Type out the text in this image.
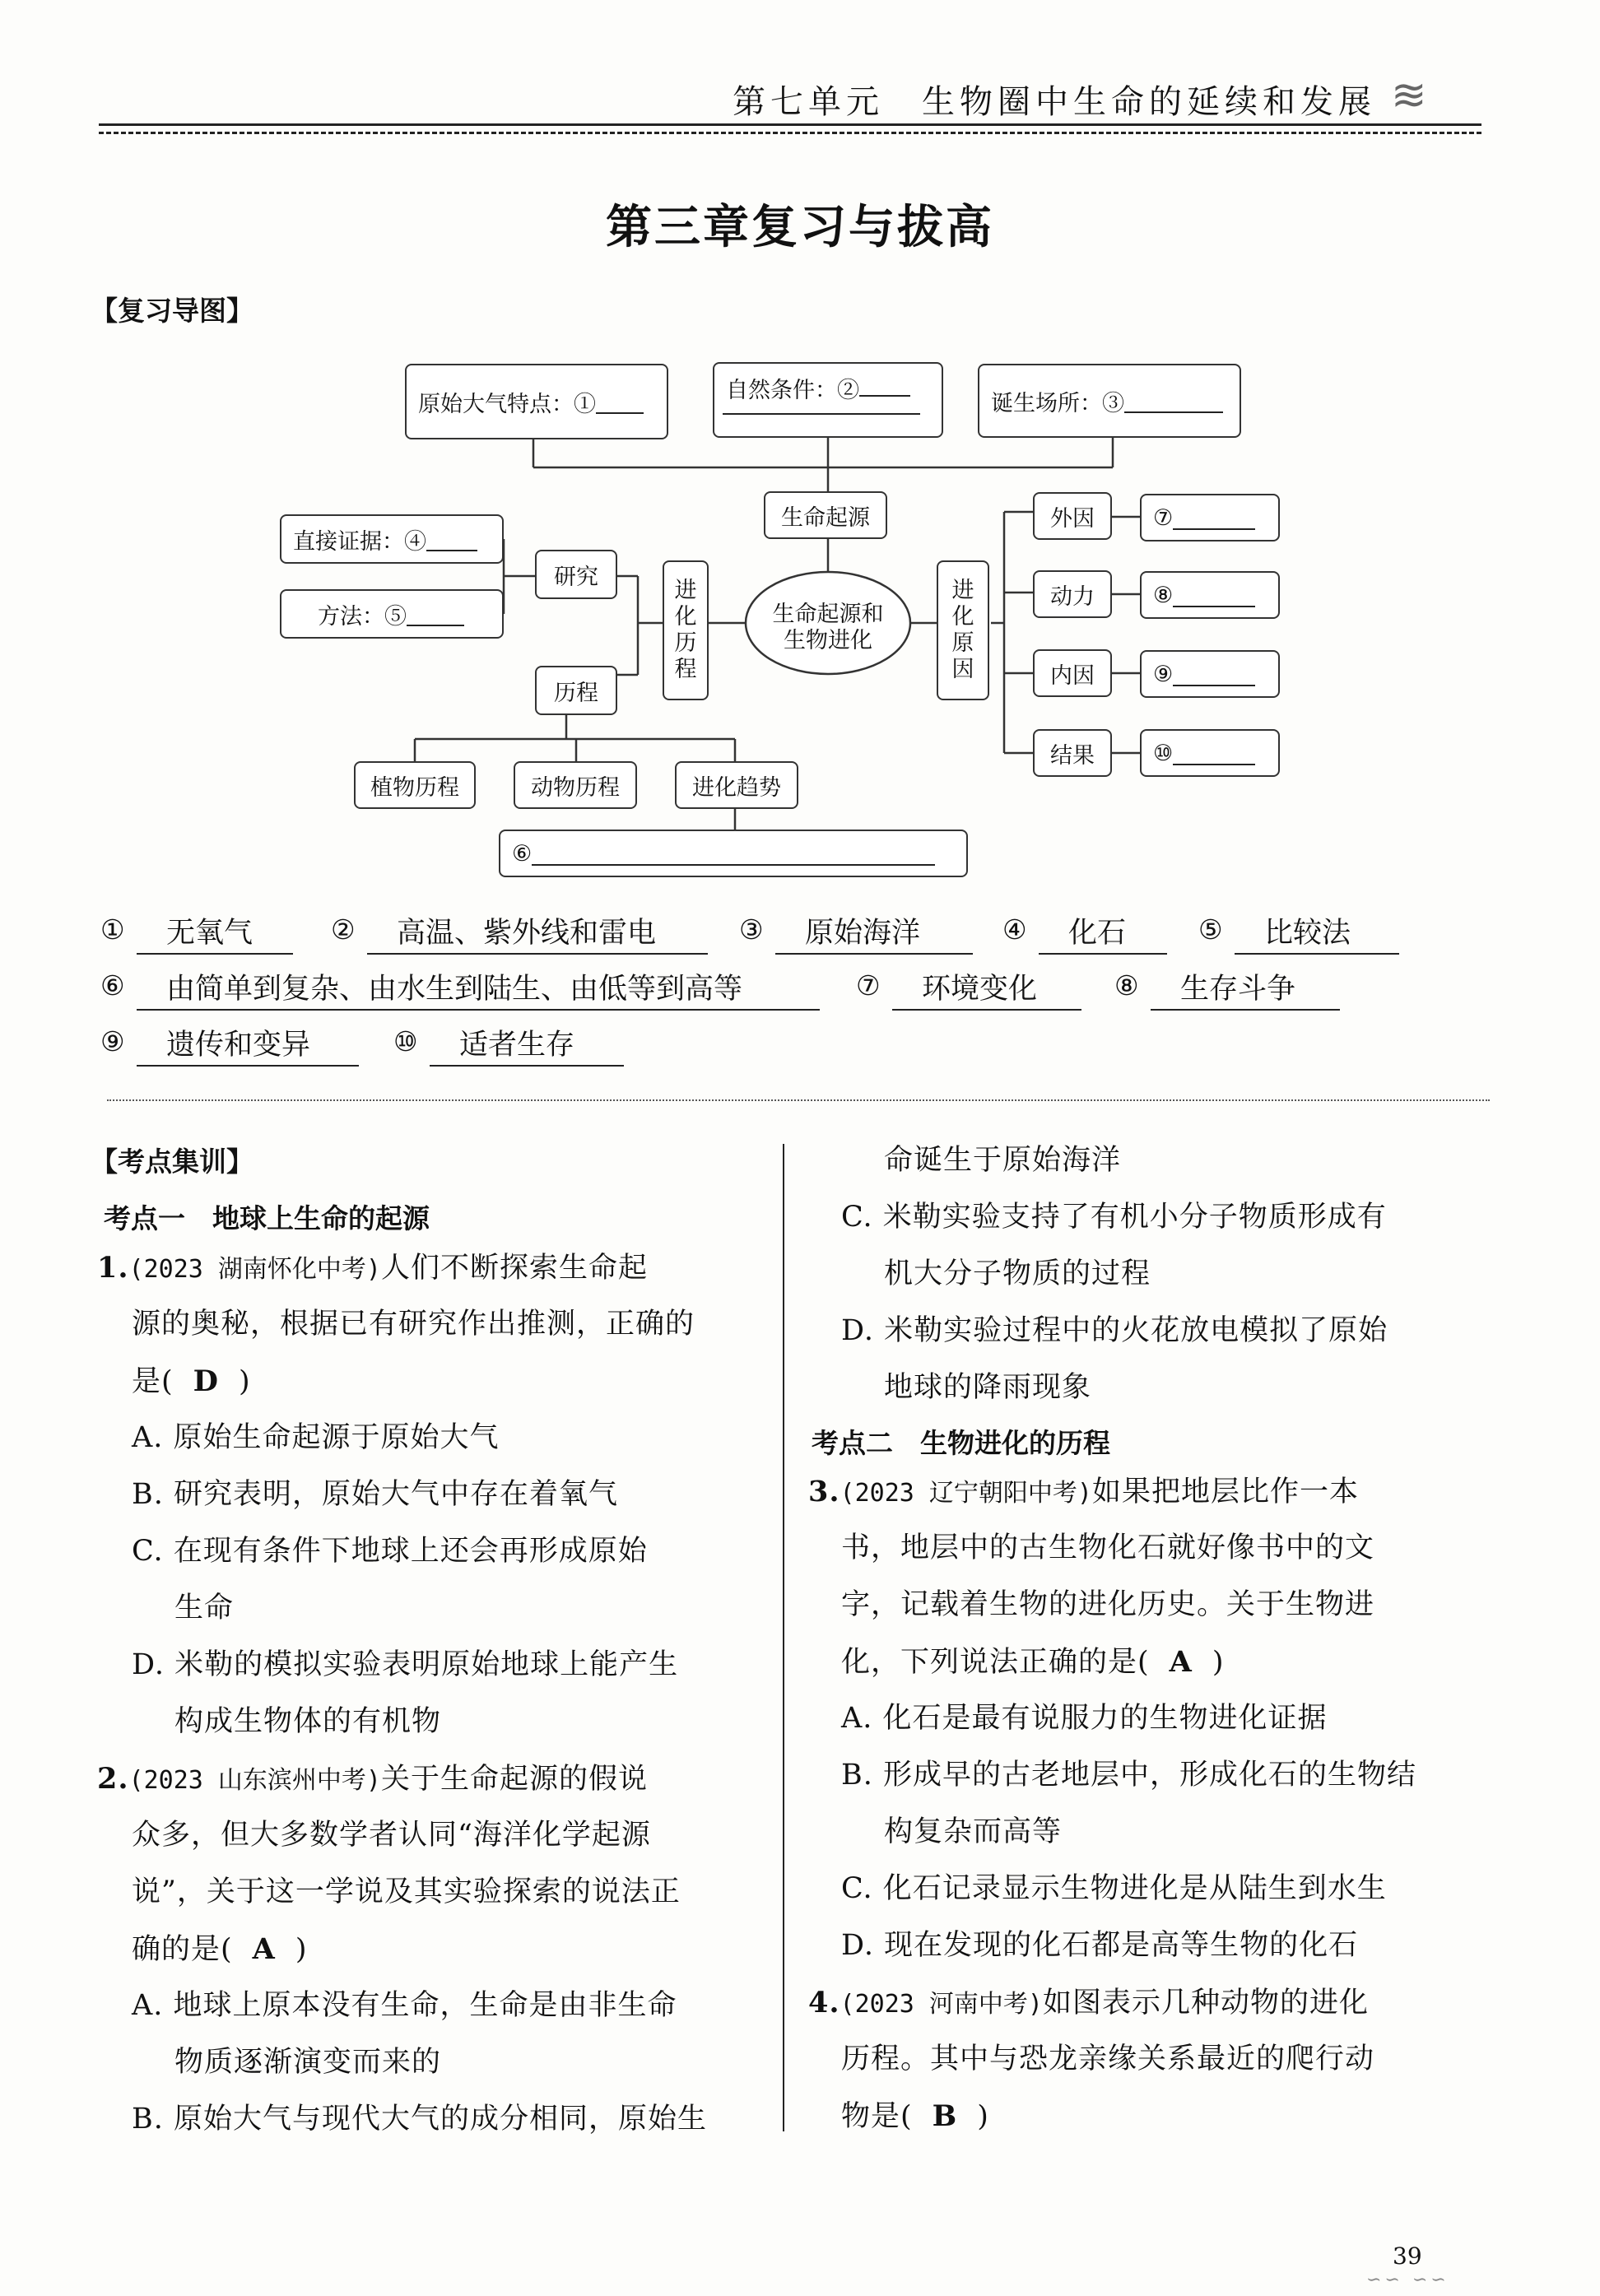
第七单元　生物圈中生命的延续和发展 ≋
第三章复习与拔高
【复习导图】
原始大气特点：①
自然条件：②	诞生场所：③
生命起源
生命起源和
生物进化
直接证据：④
方法：⑤
研究
进
化
历
程
进
化
原
因
历程
植物历程	动物历程	进化趋势
⑥
外因
动力
内因
结果
⑦
⑧
⑨
⑩
①	无氧气	②	高温、紫外线和雷电	③	原始海洋	④	化石	⑤	比较法
⑥	由简单到复杂、由水生到陆生、由低等到高等	⑦	环境变化	⑧	生存斗争
⑨	遗传和变异	⑩	适者生存
【考点集训】
考点一　地球上生命的起源
1.(2023 湖南怀化中考)人们不断探索生命起
源的奥秘，根据已有研究作出推测，正确的
是( D )
A. 原始生命起源于原始大气
B. 研究表明，原始大气中存在着氧气
C. 在现有条件下地球上还会再形成原始
生命
D. 米勒的模拟实验表明原始地球上能产生
构成生物体的有机物
2.(2023 山东滨州中考)关于生命起源的假说
众多，但大多数学者认同“海洋化学起源
说”，关于这一学说及其实验探索的说法正
确的是( A )
A. 地球上原本没有生命，生命是由非生命
物质逐渐演变而来的
B. 原始大气与现代大气的成分相同，原始生
命诞生于原始海洋
C. 米勒实验支持了有机小分子物质形成有
机大分子物质的过程
D. 米勒实验过程中的火花放电模拟了原始
地球的降雨现象
考点二　生物进化的历程
3.(2023 辽宁朝阳中考)如果把地层比作一本
书，地层中的古生物化石就好像书中的文
字，记载着生物的进化历史。关于生物进
化，下列说法正确的是( A )
A. 化石是最有说服力的生物进化证据
B. 形成早的古老地层中，形成化石的生物结
构复杂而高等
C. 化石记录显示生物进化是从陆生到水生
D. 现在发现的化石都是高等生物的化石
4.(2023 河南中考)如图表示几种动物的进化
历程。其中与恐龙亲缘关系最近的爬行动
物是( B )
39
∽∽ ∽∽
